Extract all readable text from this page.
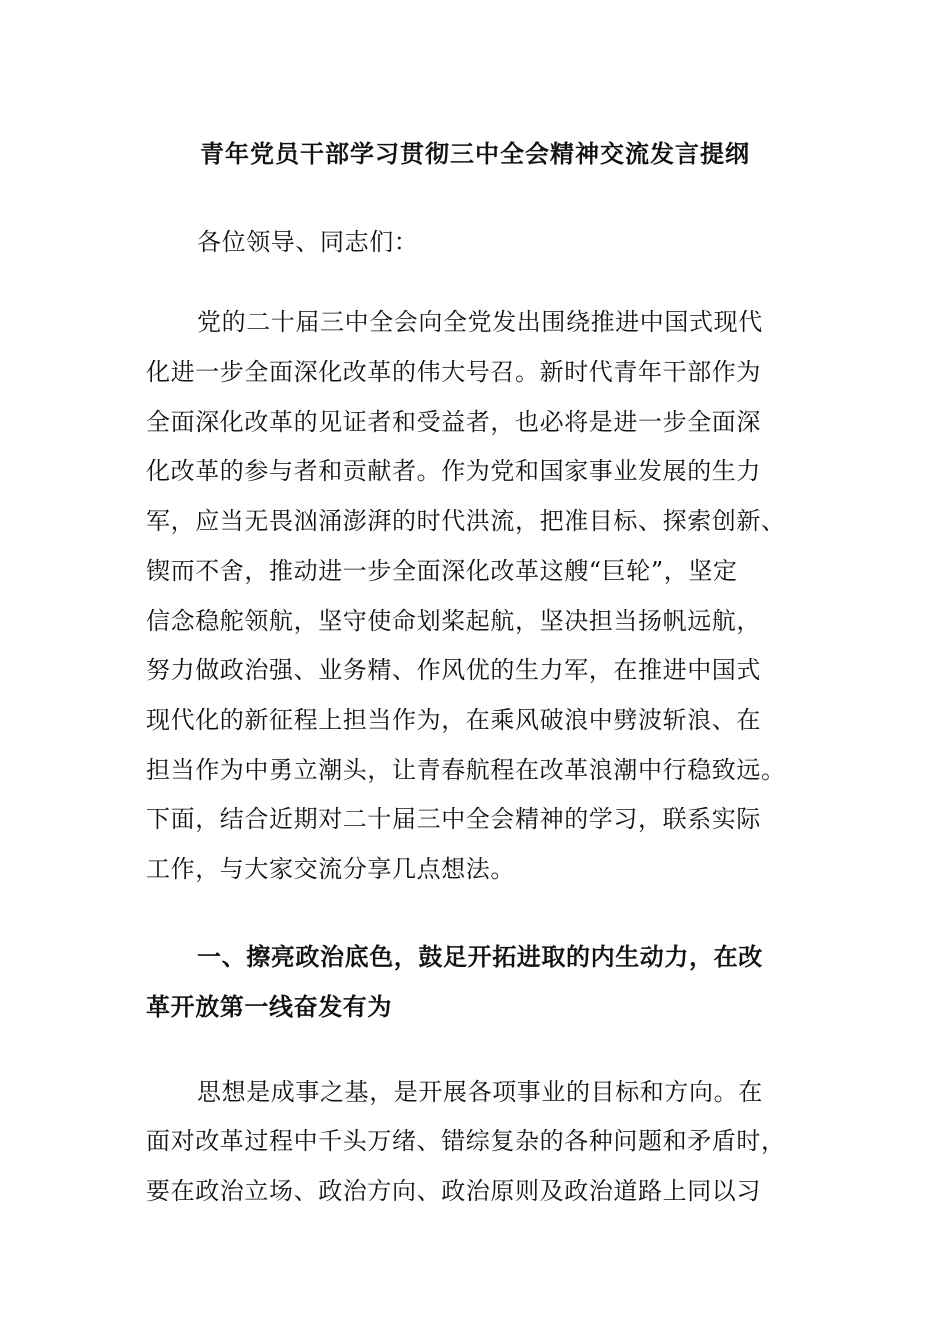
青年党员干部学习贯彻三中全会精神交流发言提纲
各位领导、同志们：
党的二十届三中全会向全党发出围绕推进中国式现代
化进一步全面深化改革的伟大号召。新时代青年干部作为
全面深化改革的见证者和受益者，也必将是进一步全面深
化改革的参与者和贡献者。作为党和国家事业发展的生力
军，应当无畏汹涌澎湃的时代洪流，把准目标、探索创新、
锲而不舍，推动进一步全面深化改革这艘“巨轮”，坚定
信念稳舵领航，坚守使命划桨起航，坚决担当扬帆远航，
努力做政治强、业务精、作风优的生力军，在推进中国式
现代化的新征程上担当作为，在乘风破浪中劈波斩浪、在
担当作为中勇立潮头，让青春航程在改革浪潮中行稳致远。
下面，结合近期对二十届三中全会精神的学习，联系实际
工作，与大家交流分享几点想法。
一、擦亮政治底色，鼓足开拓进取的内生动力，在改
革开放第一线奋发有为
思想是成事之基，是开展各项事业的目标和方向。在
面对改革过程中千头万绪、错综复杂的各种问题和矛盾时，
要在政治立场、政治方向、政治原则及政治道路上同以习
